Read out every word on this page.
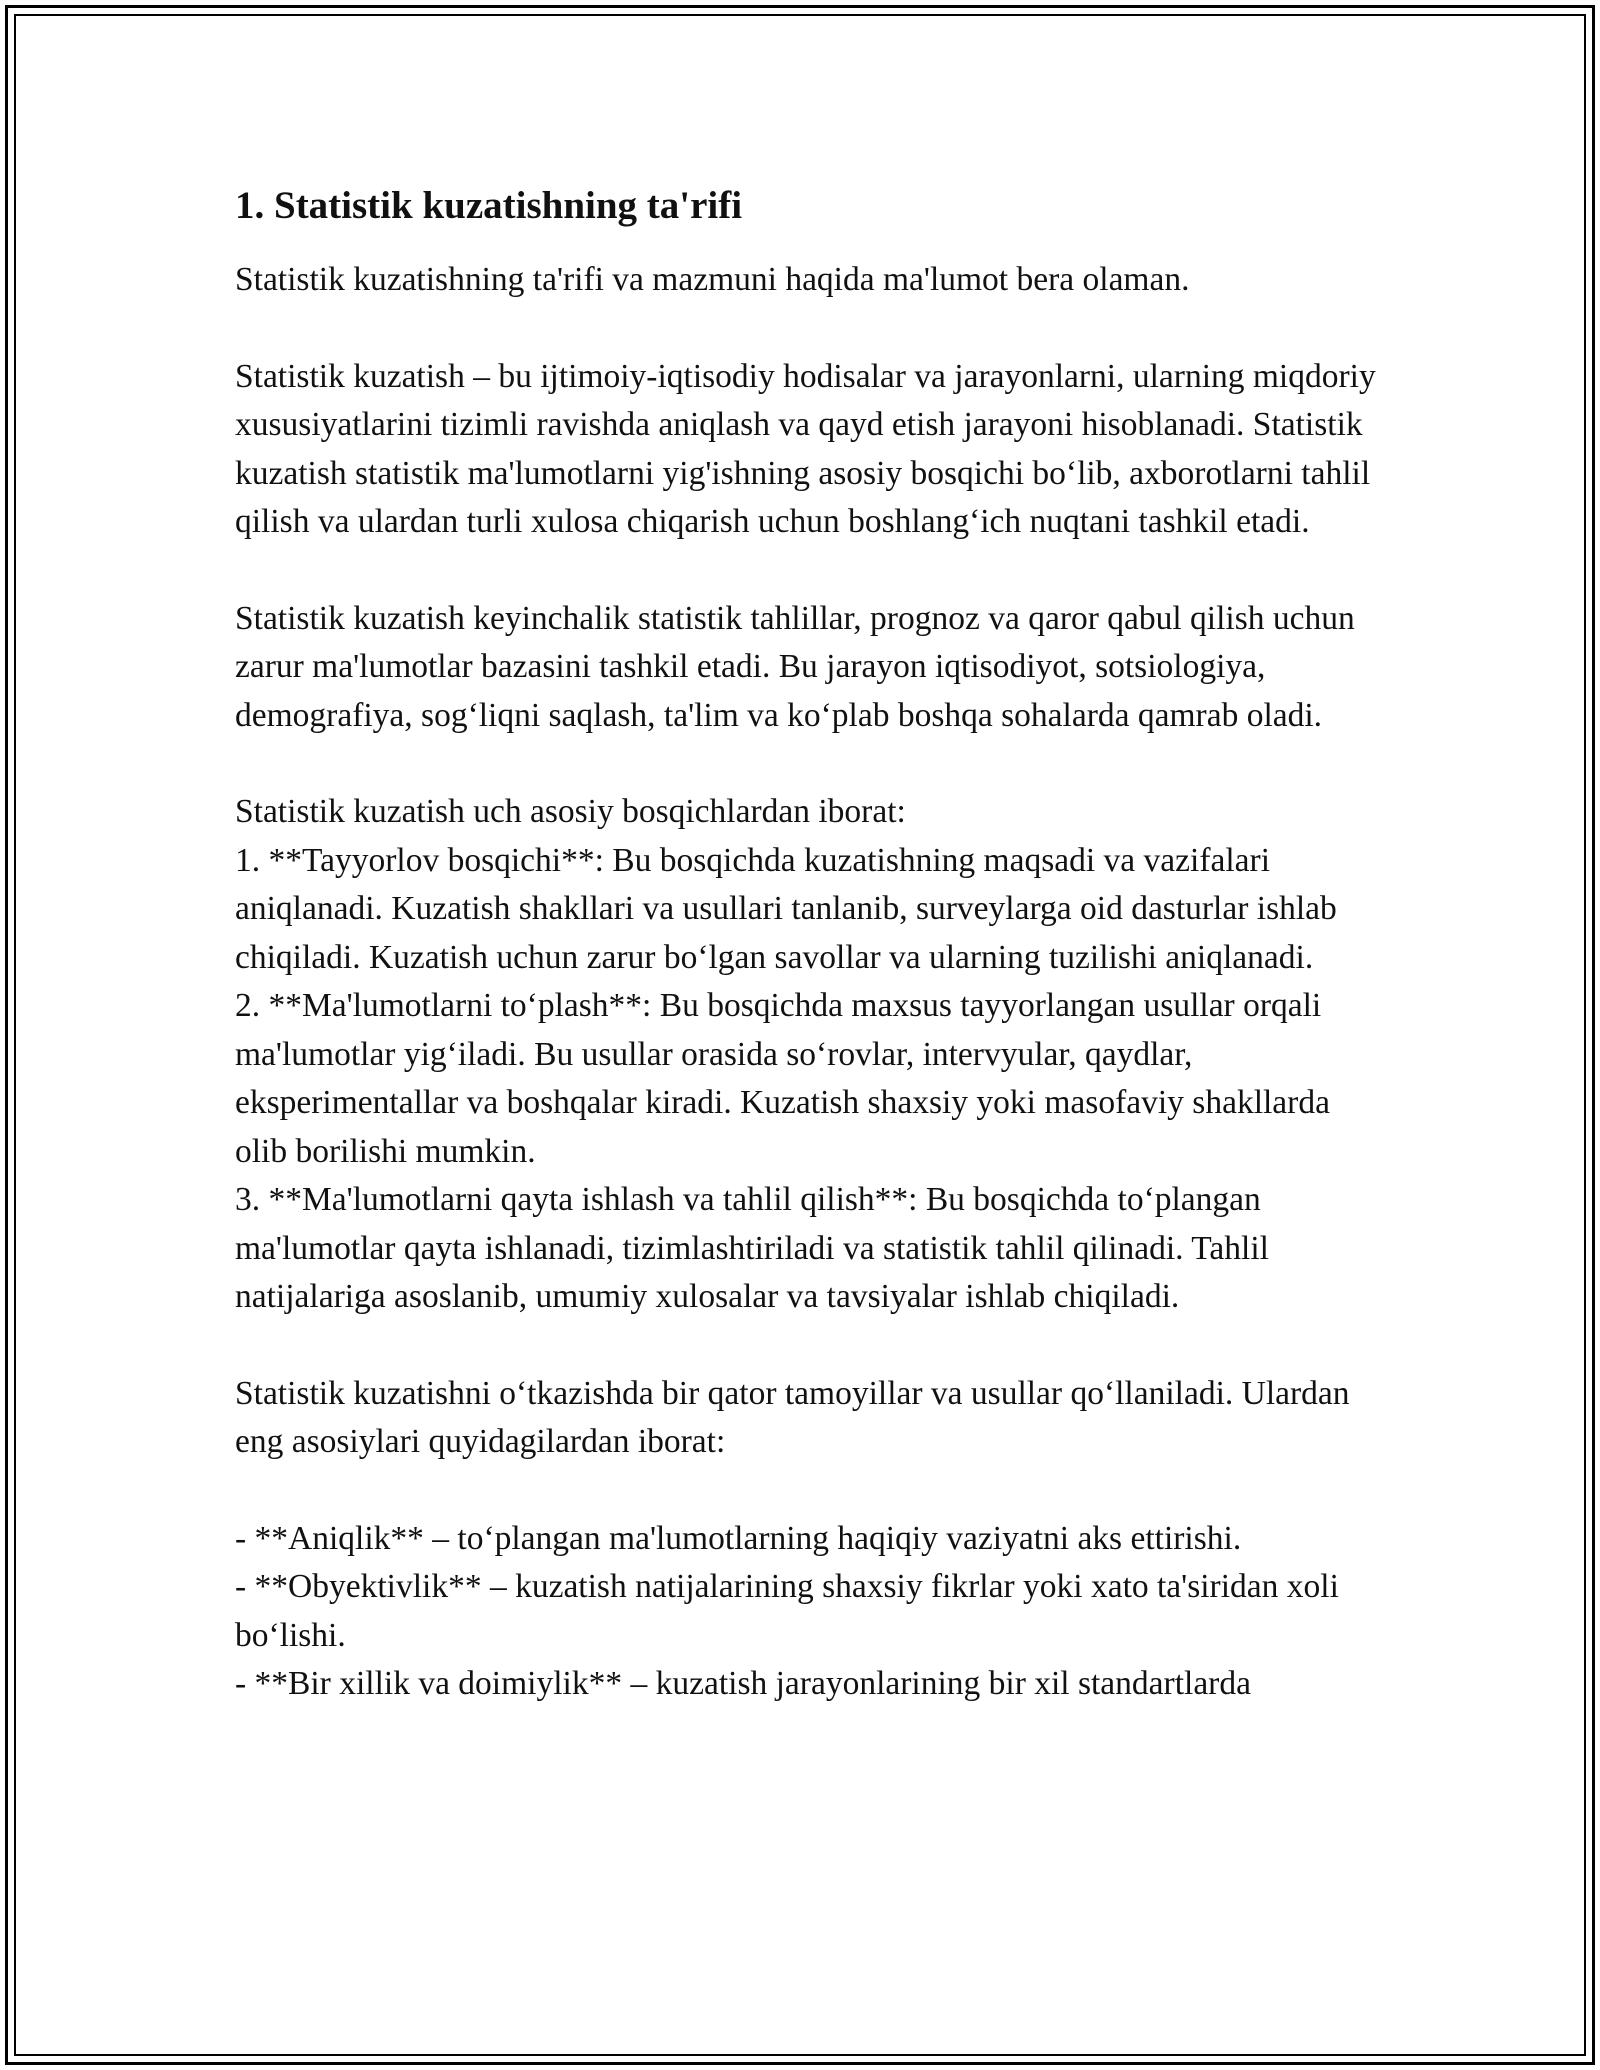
1. Statistik kuzatishning ta'rifi

Statistik kuzatishning ta'rifi va mazmuni haqida ma'lumot bera olaman.

Statistik kuzatish – bu ijtimoiy-iqtisodiy hodisalar va jarayonlarni, ularning miqdoriy xususiyatlarini tizimli ravishda aniqlash va qayd etish jarayoni hisoblanadi. Statistik kuzatish statistik ma'lumotlarni yig'ishning asosiy bosqichi bo‘lib, axborotlarni tahlil qilish va ulardan turli xulosa chiqarish uchun boshlang‘ich nuqtani tashkil etadi.

Statistik kuzatish keyinchalik statistik tahlillar, prognoz va qaror qabul qilish uchun zarur ma'lumotlar bazasini tashkil etadi. Bu jarayon iqtisodiyot, sotsiologiya, demografiya, sog‘liqni saqlash, ta'lim va ko‘plab boshqa sohalarda qamrab oladi.

Statistik kuzatish uch asosiy bosqichlardan iborat:
1. **Tayyorlov bosqichi**: Bu bosqichda kuzatishning maqsadi va vazifalari aniqlanadi. Kuzatish shakllari va usullari tanlanib, surveylarga oid dasturlar ishlab chiqiladi. Kuzatish uchun zarur bo‘lgan savollar va ularning tuzilishi aniqlanadi.
2. **Ma'lumotlarni to‘plash**: Bu bosqichda maxsus tayyorlangan usullar orqali ma'lumotlar yig‘iladi. Bu usullar orasida so‘rovlar, intervyular, qaydlar, eksperimentallar va boshqalar kiradi. Kuzatish shaxsiy yoki masofaviy shakllarda olib borilishi mumkin.
3. **Ma'lumotlarni qayta ishlash va tahlil qilish**: Bu bosqichda to‘plangan ma'lumotlar qayta ishlanadi, tizimlashtiriladi va statistik tahlil qilinadi. Tahlil natijalariga asoslanib, umumiy xulosalar va tavsiyalar ishlab chiqiladi.

Statistik kuzatishni o‘tkazishda bir qator tamoyillar va usullar qo‘llaniladi. Ulardan eng asosiylari quyidagilardan iborat:

- **Aniqlik** – to‘plangan ma'lumotlarning haqiqiy vaziyatni aks ettirishi.
- **Obyektivlik** – kuzatish natijalarining shaxsiy fikrlar yoki xato ta'siridan xoli bo‘lishi.
- **Bir xillik va doimiylik** – kuzatish jarayonlarining bir xil standartlarda
